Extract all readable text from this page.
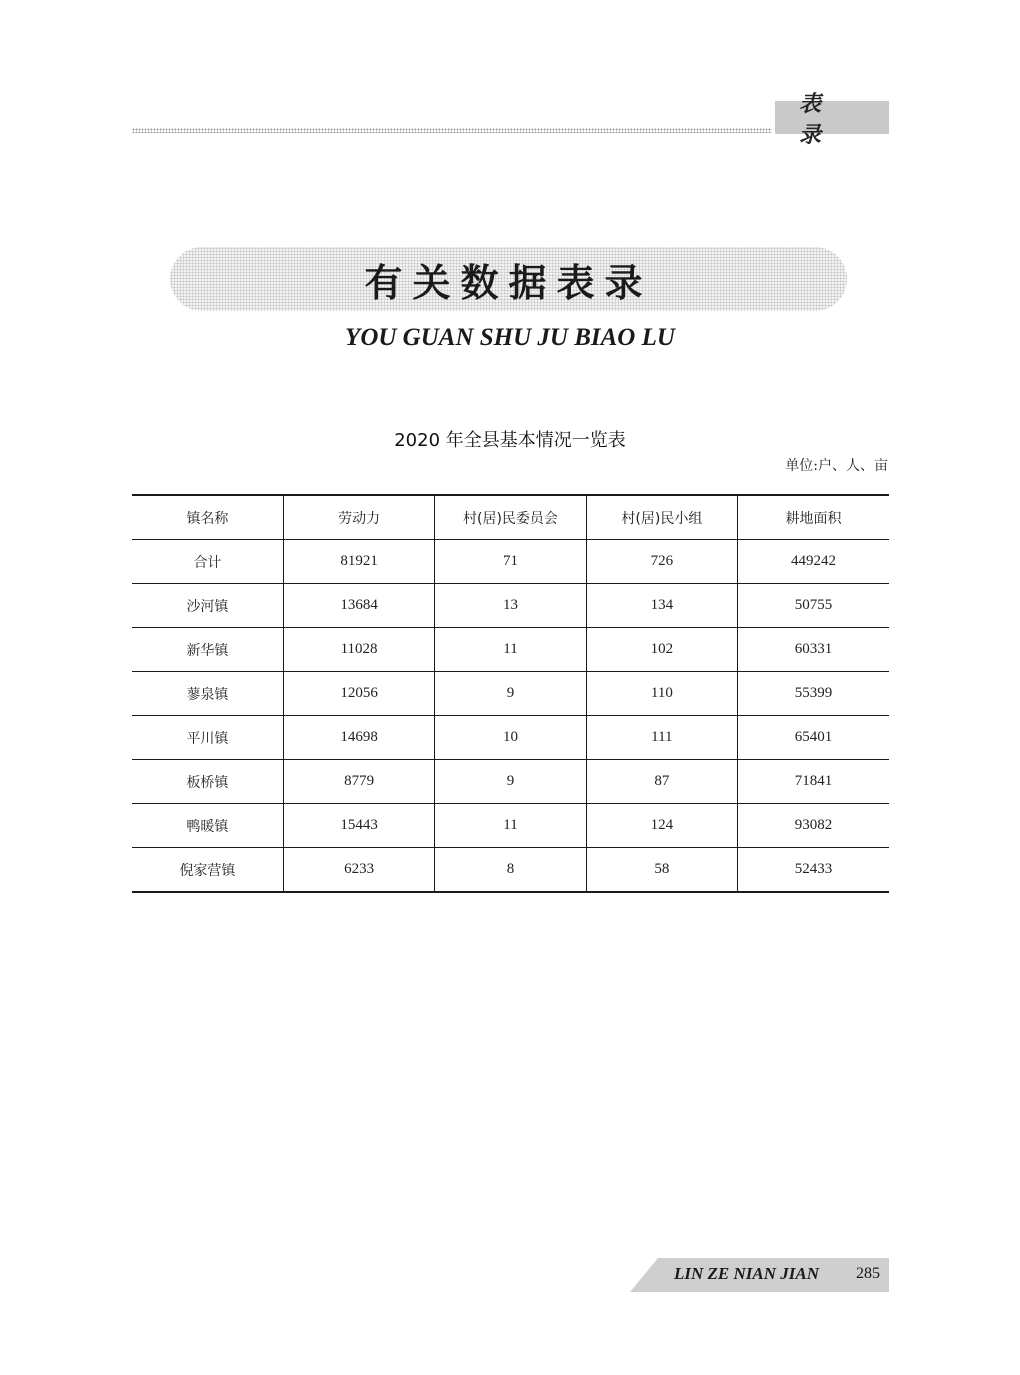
表录
有关数据表录
YOU GUAN SHU JU BIAO LU
2020 年全县基本情况一览表
单位:户、人、亩
镇名称	劳动力	村(居)民委员会	村(居)民小组	耕地面积
合计	81921	71	726	449242
沙河镇	13684	13	134	50755
新华镇	11028	11	102	60331
蓼泉镇	12056	9	110	55399
平川镇	14698	10	111	65401
板桥镇	8779	9	87	71841
鸭暖镇	15443	11	124	93082
倪家营镇	6233	8	58	52433
LIN ZE NIAN JIAN 285
